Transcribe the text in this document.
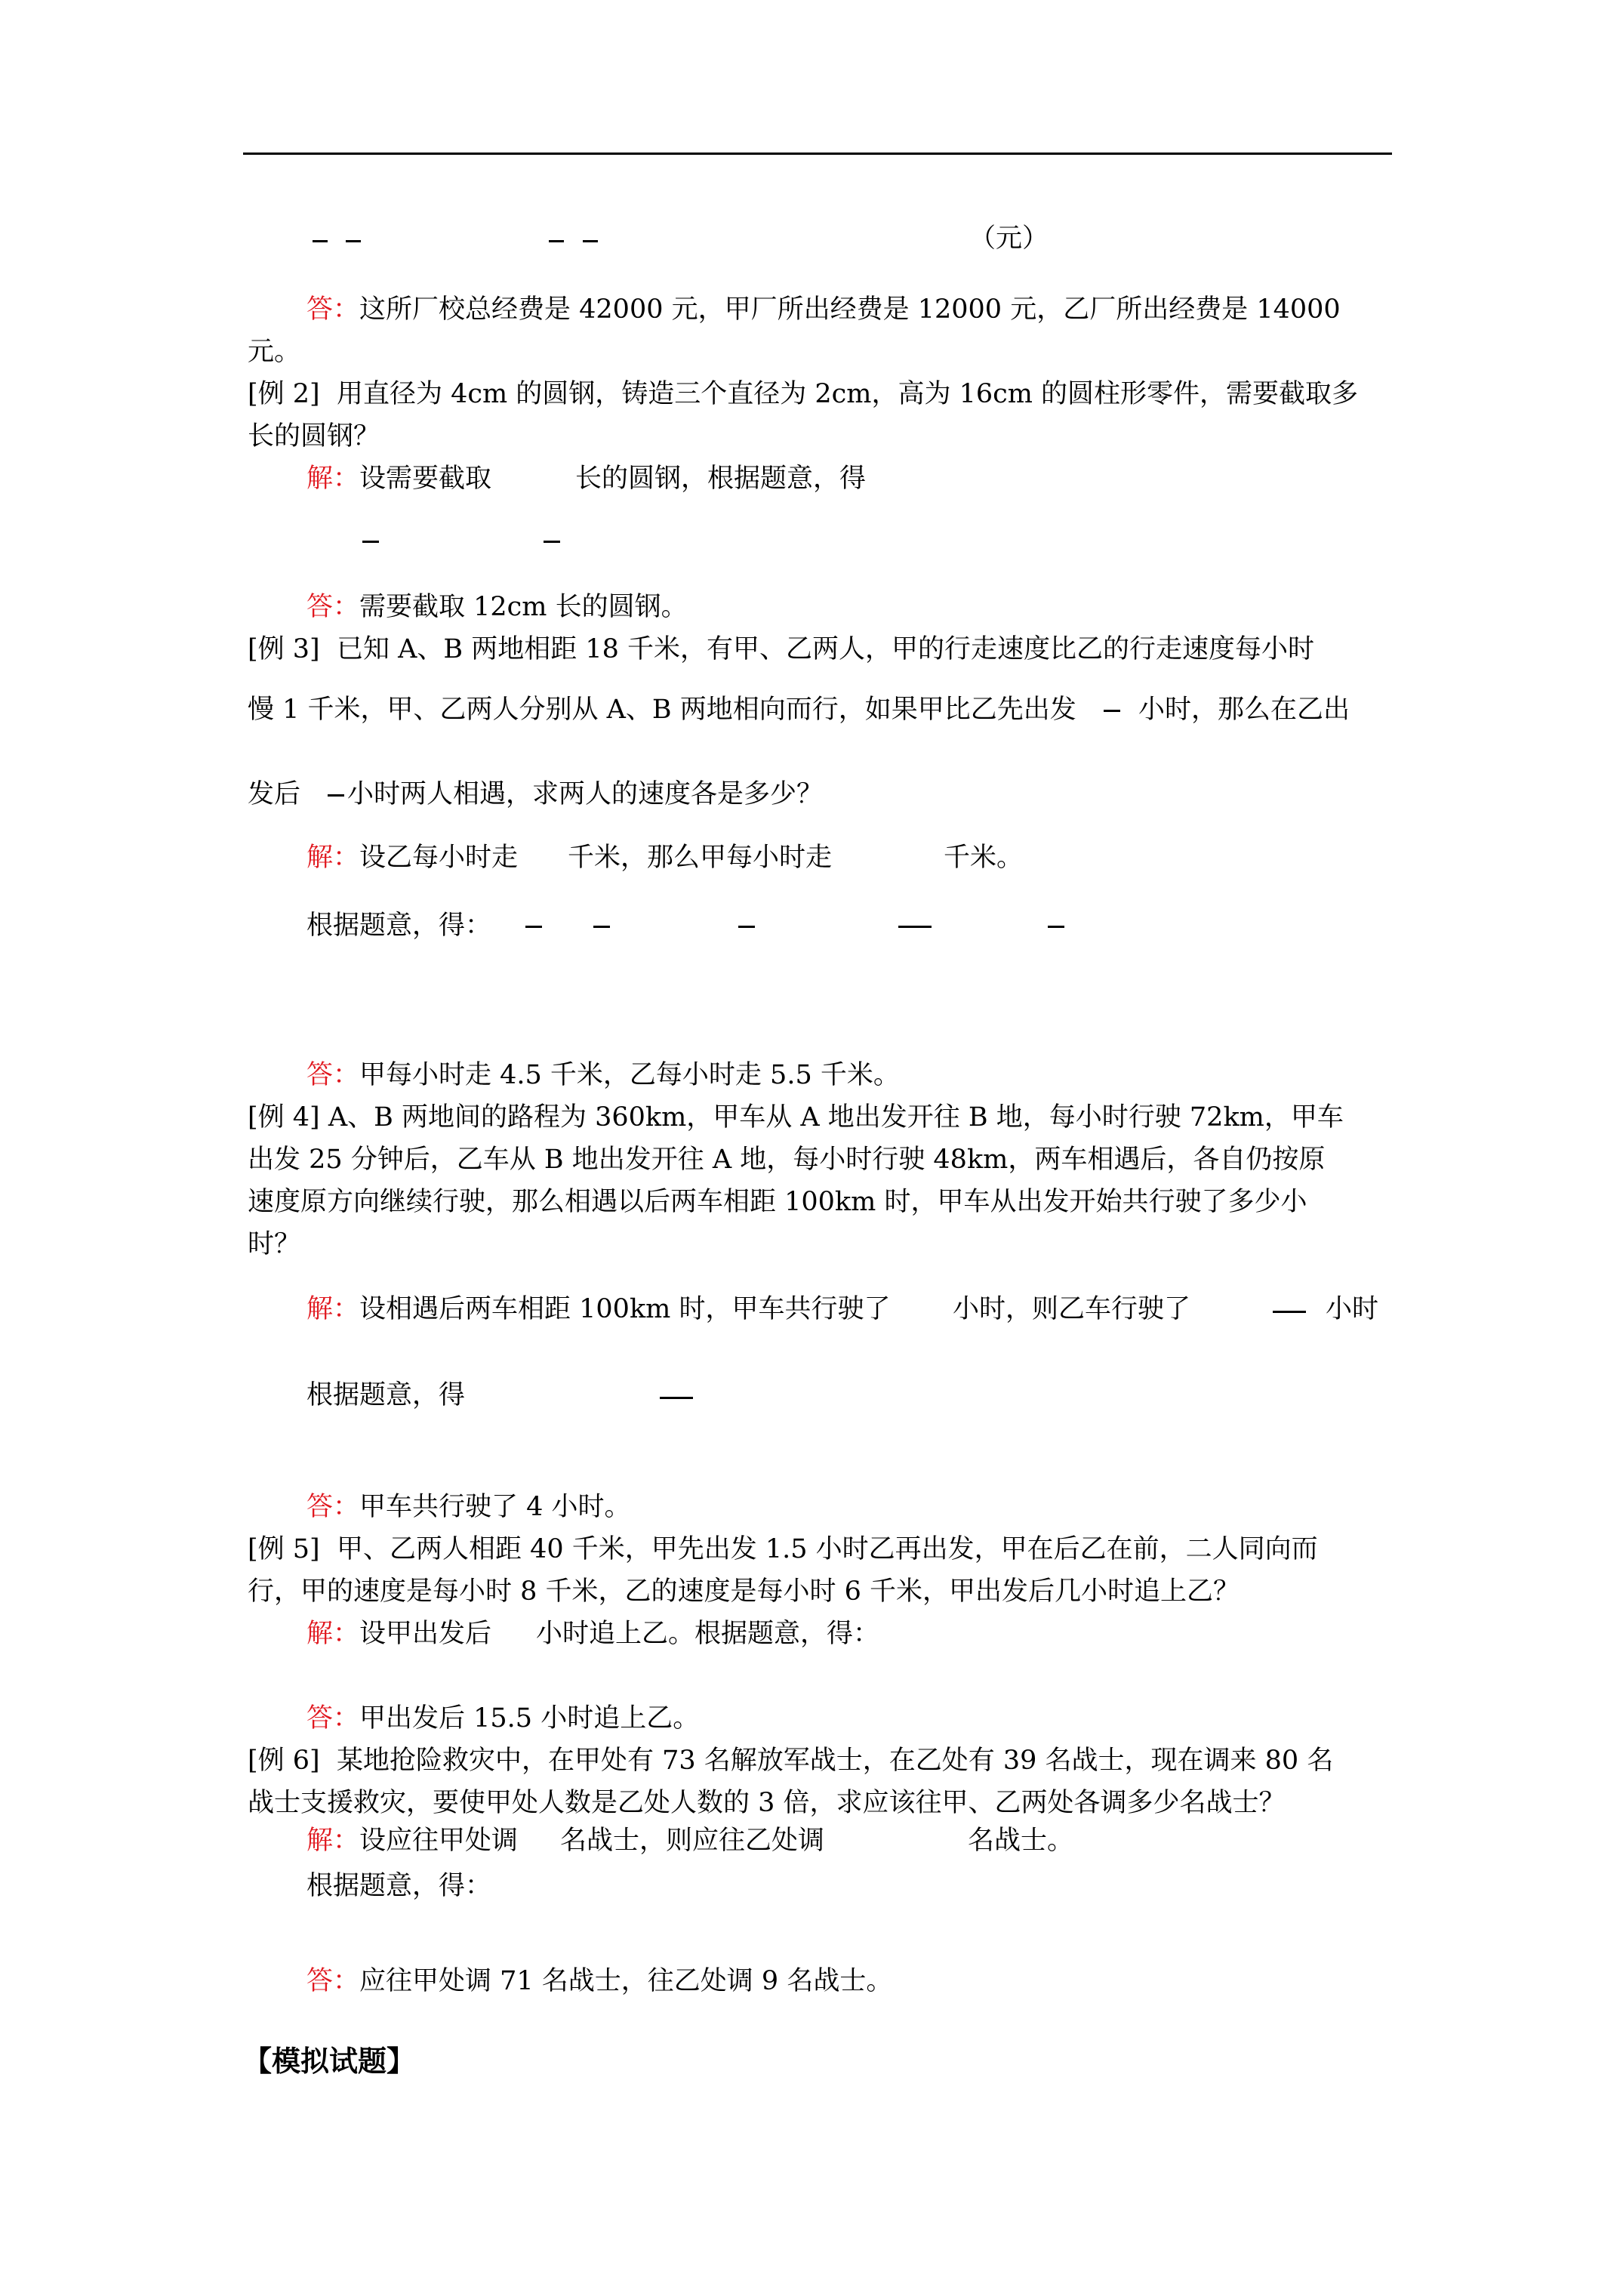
（元）
答：这所厂校总经费是 42000 元，甲厂所出经费是 12000 元，乙厂所出经费是 14000
元。
[例 2]  用直径为 4cm 的圆钢，铸造三个直径为 2cm，高为 16cm 的圆柱形零件，需要截取多
长的圆钢？
解：设需要截取	长的圆钢，根据题意，得
答：需要截取 12cm 长的圆钢。
[例 3]  已知 A、B 两地相距 18 千米，有甲、乙两人，甲的行走速度比乙的行走速度每小时
慢 1 千米，甲、乙两人分别从 A、B 两地相向而行，如果甲比乙先出发 小时，那么在乙出
发后 小时两人相遇，求两人的速度各是多少？
解：设乙每小时走 千米，那么甲每小时走	千米。
根据题意，得：
答：甲每小时走 4.5 千米，乙每小时走 5.5 千米。
[例 4] A、B 两地间的路程为 360km，甲车从 A 地出发开往 B 地，每小时行驶 72km，甲车
出发 25 分钟后，乙车从 B 地出发开往 A 地，每小时行驶 48km，两车相遇后，各自仍按原
速度原方向继续行驶，那么相遇以后两车相距 100km 时，甲车从出发开始共行驶了多少小
时？
解：设相遇后两车相距 100km 时，甲车共行驶了 小时，则乙车行驶了	小时
根据题意，得
答：甲车共行驶了 4 小时。
[例 5]  甲、乙两人相距 40 千米，甲先出发 1.5 小时乙再出发，甲在后乙在前，二人同向而
行，甲的速度是每小时 8 千米，乙的速度是每小时 6 千米，甲出发后几小时追上乙？
解：设甲出发后 小时追上乙。根据题意，得：
答：甲出发后 15.5 小时追上乙。
[例 6]  某地抢险救灾中，在甲处有 73 名解放军战士，在乙处有 39 名战士，现在调来 80 名
战士支援救灾，要使甲处人数是乙处人数的 3 倍，求应该往甲、乙两处各调多少名战士？
解：设应往甲处调 名战士，则应往乙处调	名战士。
根据题意，得：
答：应往甲处调 71 名战士，往乙处调 9 名战士。
【模拟试题】
